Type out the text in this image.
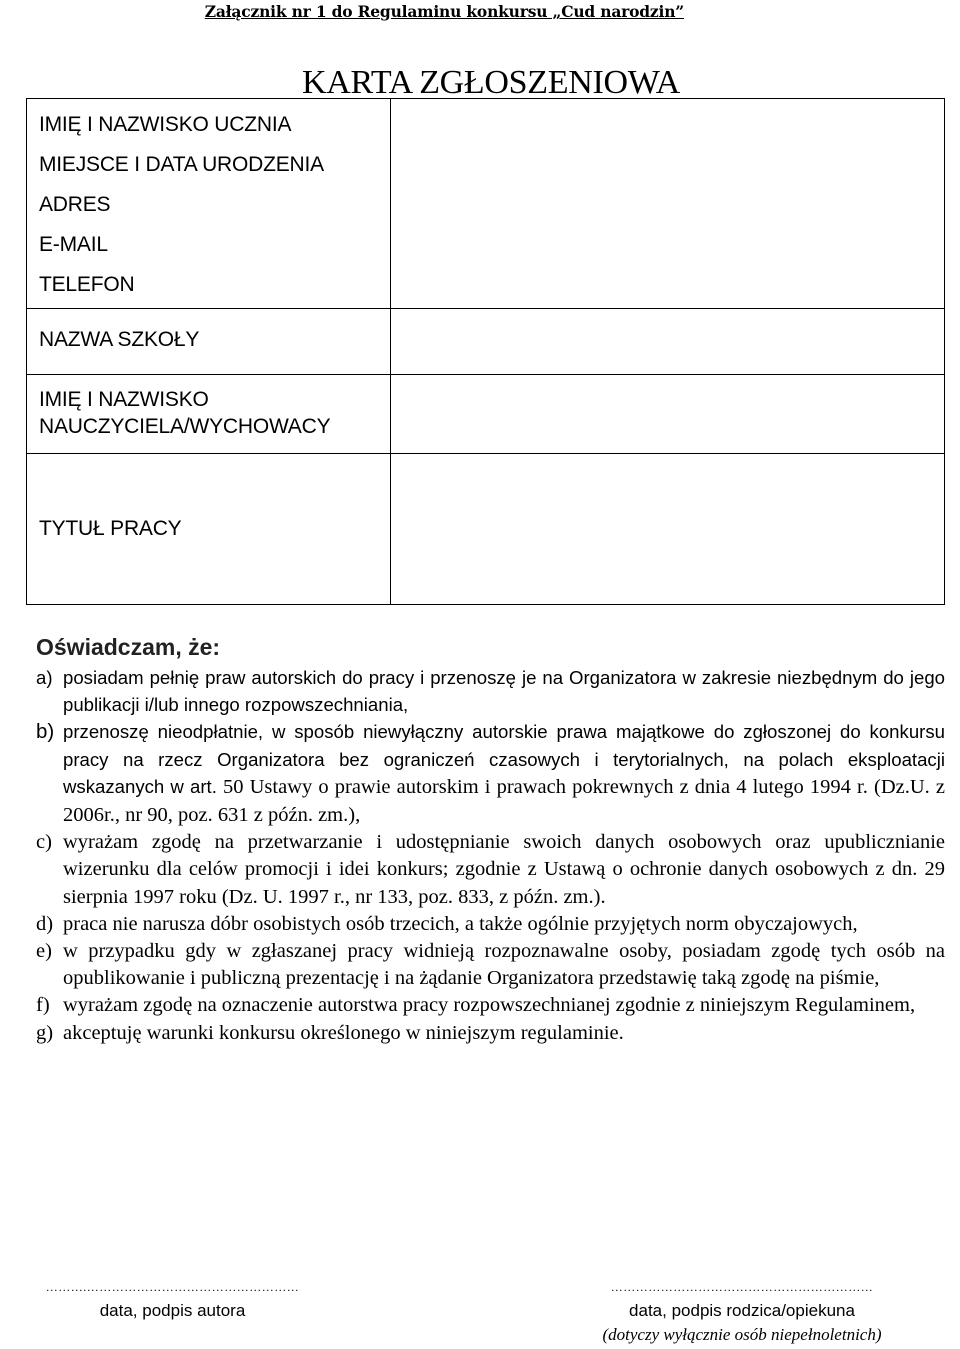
Załącznik nr 1 do Regulaminu konkursu „Cud narodzin”
KARTA ZGŁOSZENIOWA
IMIĘ I NAZWISKO UCZNIA
MIEJSCE I DATA URODZENIA
ADRES
E-MAIL
TELEFON
NAZWA SZKOŁY
IMIĘ I NAZWISKO NAUCZYCIELA/WYCHOWACY
TYTUŁ PRACY
Oświadczam, że:
a) posiadam pełnię praw autorskich do pracy i przenoszę je na Organizatora w zakresie niezbędnym do jego publikacji i/lub innego rozpowszechniania,
b) przenoszę nieodpłatnie, w sposób niewyłączny autorskie prawa majątkowe do zgłoszonej do konkursu pracy na rzecz Organizatora bez ograniczeń czasowych i terytorialnych, na polach eksploatacji wskazanych w art. 50 Ustawy o prawie autorskim i prawach pokrewnych z dnia 4 lutego 1994 r. (Dz.U. z 2006r., nr 90, poz. 631 z późn. zm.),
c) wyrażam zgodę na przetwarzanie i udostępnianie swoich danych osobowych oraz upublicznianie wizerunku dla celów promocji i idei konkurs; zgodnie z Ustawą o ochronie danych osobowych z dn. 29 sierpnia 1997 roku (Dz. U. 1997 r., nr 133, poz. 833, z późn. zm.).
d) praca nie narusza dóbr osobistych osób trzecich, a także ogólnie przyjętych norm obyczajowych,
e) w przypadku gdy w zgłaszanej pracy widnieją rozpoznawalne osoby, posiadam zgodę tych osób na opublikowanie i publiczną prezentację i na żądanie Organizatora przedstawię taką zgodę na piśmie,
f) wyrażam zgodę na oznaczenie autorstwa pracy rozpowszechnianej zgodnie z niniejszym Regulaminem,
g) akceptuję warunki konkursu określonego w niniejszym regulaminie.
……….……………………………………………
data, podpis autora
………………………………………………………
data, podpis rodzica/opiekuna
(dotyczy wyłącznie osób niepełnoletnich)
